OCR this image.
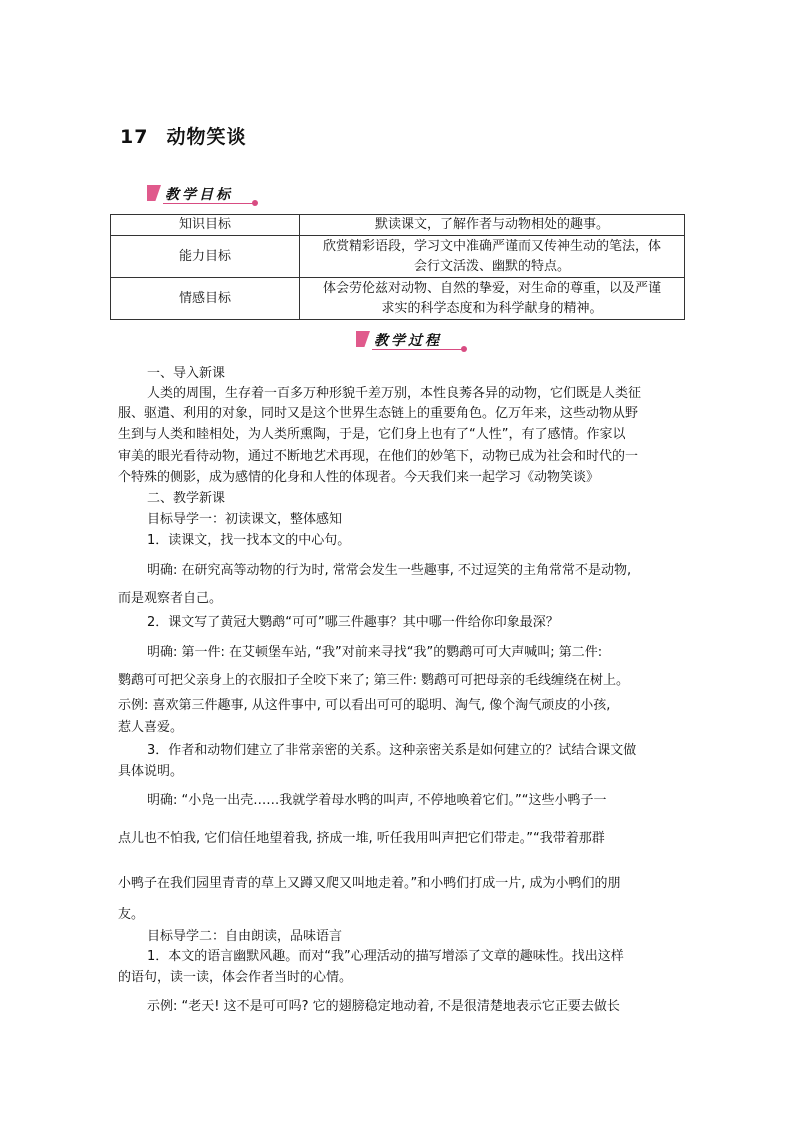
17 动物笑谈
教学目标
知识目标	默读课文，了解作者与动物相处的趣事。
能力目标	欣赏精彩语段，学习文中准确严谨而又传神生动的笔法，体
会行文活泼、幽默的特点。
情感目标	体会劳伦兹对动物、自然的挚爱，对生命的尊重，以及严谨
求实的科学态度和为科学献身的精神。
教学过程
一、导入新课
人类的周围，生存着一百多万种形貌千差万别，本性良莠各异的动物，它们既是人类征
服、驱遣、利用的对象，同时又是这个世界生态链上的重要角色。亿万年来，这些动物从野
生到与人类和睦相处，为人类所熏陶，于是，它们身上也有了“人性”，有了感情。作家以
审美的眼光看待动物，通过不断地艺术再现，在他们的妙笔下，动物已成为社会和时代的一
个特殊的侧影，成为感情的化身和人性的体现者。今天我们来一起学习《动物笑谈》
二、教学新课
目标导学一：初读课文，整体感知
1．读课文，找一找本文的中心句。
明确: 在研究高等动物的行为时, 常常会发生一些趣事, 不过逗笑的主角常常不是动物,
而是观察者自己。
2．课文写了黄冠大鹦鹉“可可”哪三件趣事？其中哪一件给你印象最深？
明确: 第一件: 在艾顿堡车站, “我”对前来寻找“我”的鹦鹉可可大声喊叫; 第二件:
鹦鹉可可把父亲身上的衣服扣子全咬下来了; 第三件: 鹦鹉可可把母亲的毛线缠绕在树上。
示例: 喜欢第三件趣事, 从这件事中, 可以看出可可的聪明、淘气, 像个淘气顽皮的小孩,
惹人喜爱。
3．作者和动物们建立了非常亲密的关系。这种亲密关系是如何建立的？试结合课文做
具体说明。
明确: “小凫一出壳……我就学着母水鸭的叫声, 不停地唤着它们。”“这些小鸭子一
点儿也不怕我, 它们信任地望着我, 挤成一堆, 听任我用叫声把它们带走。”“我带着那群
小鸭子在我们园里青青的草上又蹲又爬又叫地走着。”和小鸭们打成一片, 成为小鸭们的朋
友。
目标导学二：自由朗读，品味语言
1．本文的语言幽默风趣。而对“我”心理活动的描写增添了文章的趣味性。找出这样
的语句，读一读，体会作者当时的心情。
示例: “老天! 这不是可可吗? 它的翅膀稳定地动着, 不是很清楚地表示它正要去做长
